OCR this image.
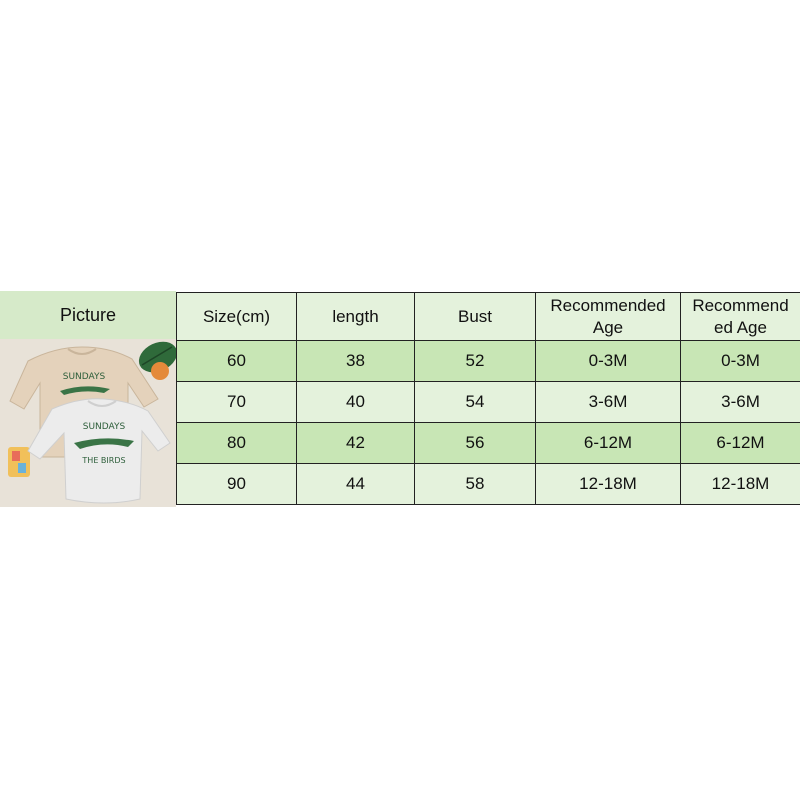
Picture
SUNDAYS
SUNDAYS
THE BIRDS
Size(cm)	length	Bust	Recommended Age	Recommend ed Age
60	38	52	0-3M	0-3M
70	40	54	3-6M	3-6M
80	42	56	6-12M	6-12M
90	44	58	12-18M	12-18M
